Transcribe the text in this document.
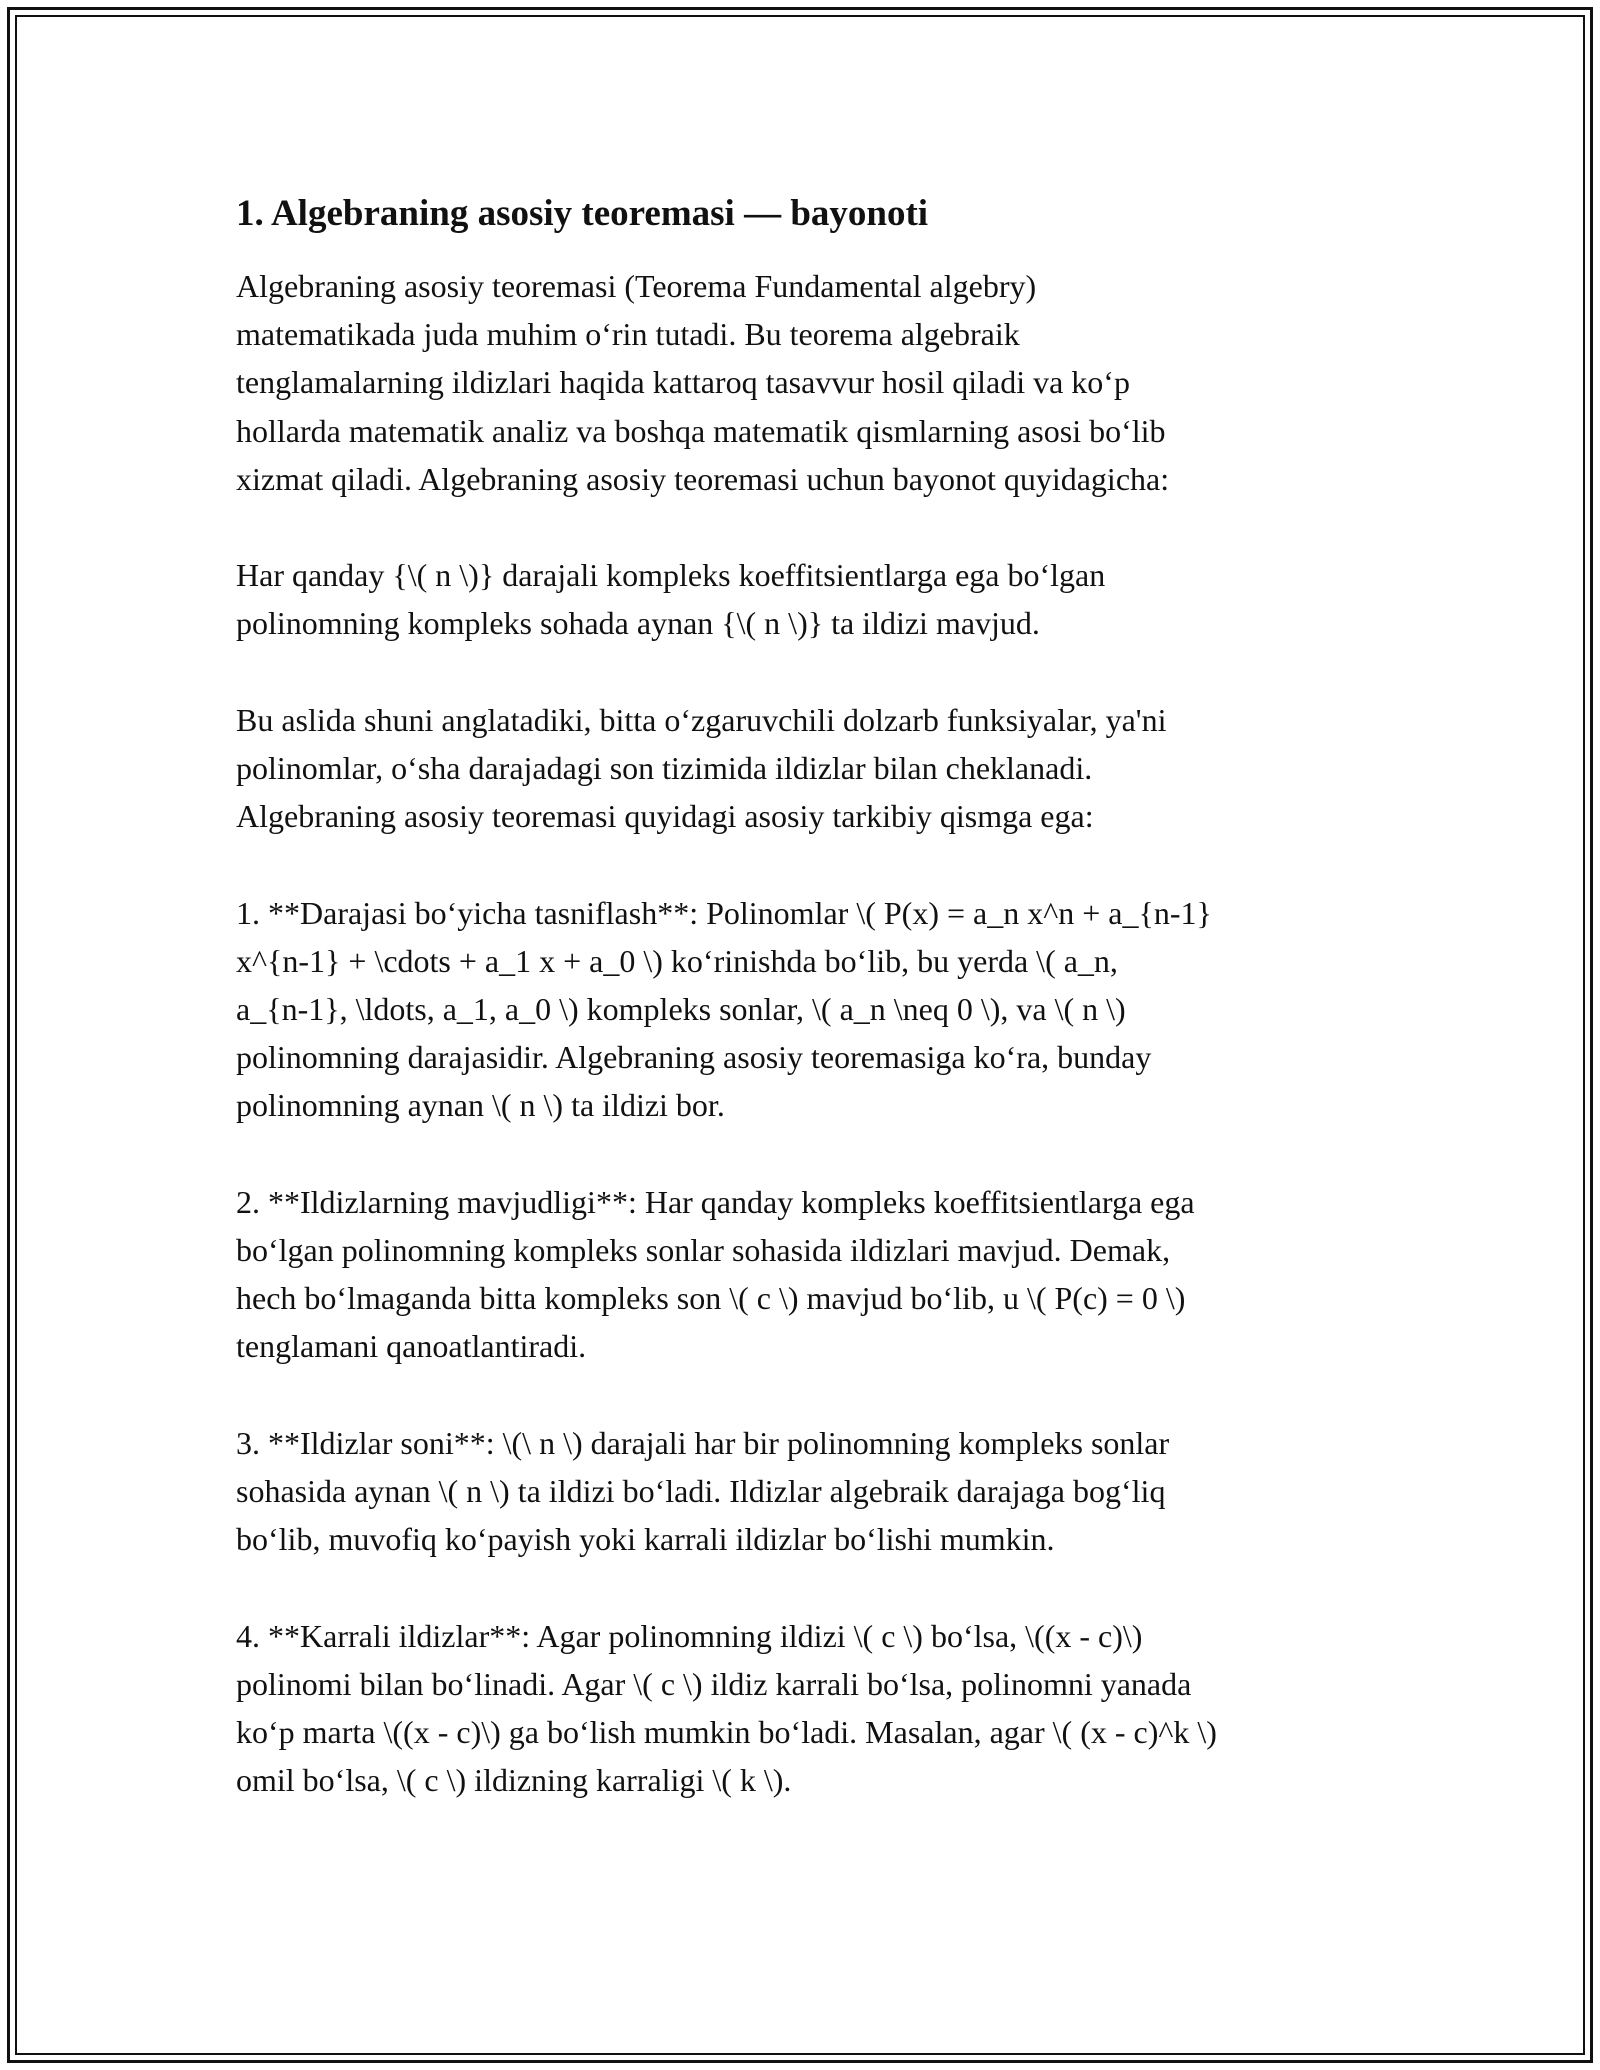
1. Algebraning asosiy teoremasi — bayonoti

Algebraning asosiy teoremasi (Teorema Fundamental algebry)
matematikada juda muhim oʻrin tutadi. Bu teorema algebraik
tenglamalarning ildizlari haqida kattaroq tasavvur hosil qiladi va koʻp
hollarda matematik analiz va boshqa matematik qismlarning asosi boʻlib
xizmat qiladi. Algebraning asosiy teoremasi uchun bayonot quyidagicha:

Har qanday {\( n \)} darajali kompleks koeffitsientlarga ega boʻlgan
polinomning kompleks sohada aynan {\( n \)} ta ildizi mavjud.

Bu aslida shuni anglatadiki, bitta oʻzgaruvchili dolzarb funksiyalar, ya'ni
polinomlar, oʻsha darajadagi son tizimida ildizlar bilan cheklanadi.
Algebraning asosiy teoremasi quyidagi asosiy tarkibiy qismga ega:

1. **Darajasi boʻyicha tasniflash**: Polinomlar \( P(x) = a_n x^n + a_{n-1}
x^{n-1} + \cdots + a_1 x + a_0 \) koʻrinishda boʻlib, bu yerda \( a_n,
a_{n-1}, \ldots, a_1, a_0 \) kompleks sonlar, \( a_n \neq 0 \), va \( n \)
polinomning darajasidir. Algebraning asosiy teoremasiga koʻra, bunday
polinomning aynan \( n \) ta ildizi bor.

2. **Ildizlarning mavjudligi**: Har qanday kompleks koeffitsientlarga ega
boʻlgan polinomning kompleks sonlar sohasida ildizlari mavjud. Demak,
hech boʻlmaganda bitta kompleks son \( c \) mavjud boʻlib, u \( P(c) = 0 \)
tenglamani qanoatlantiradi.

3. **Ildizlar soni**: \(\ n \) darajali har bir polinomning kompleks sonlar
sohasida aynan \( n \) ta ildizi boʻladi. Ildizlar algebraik darajaga bogʻliq
boʻlib, muvofiq koʻpayish yoki karrali ildizlar boʻlishi mumkin.

4. **Karrali ildizlar**: Agar polinomning ildizi \( c \) boʻlsa, \((x - c)\)
polinomi bilan boʻlinadi. Agar \( c \) ildiz karrali boʻlsa, polinomni yanada
koʻp marta \((x - c)\) ga boʻlish mumkin boʻladi. Masalan, agar \( (x - c)^k \)
omil boʻlsa, \( c \) ildizning karraligi \( k \).
